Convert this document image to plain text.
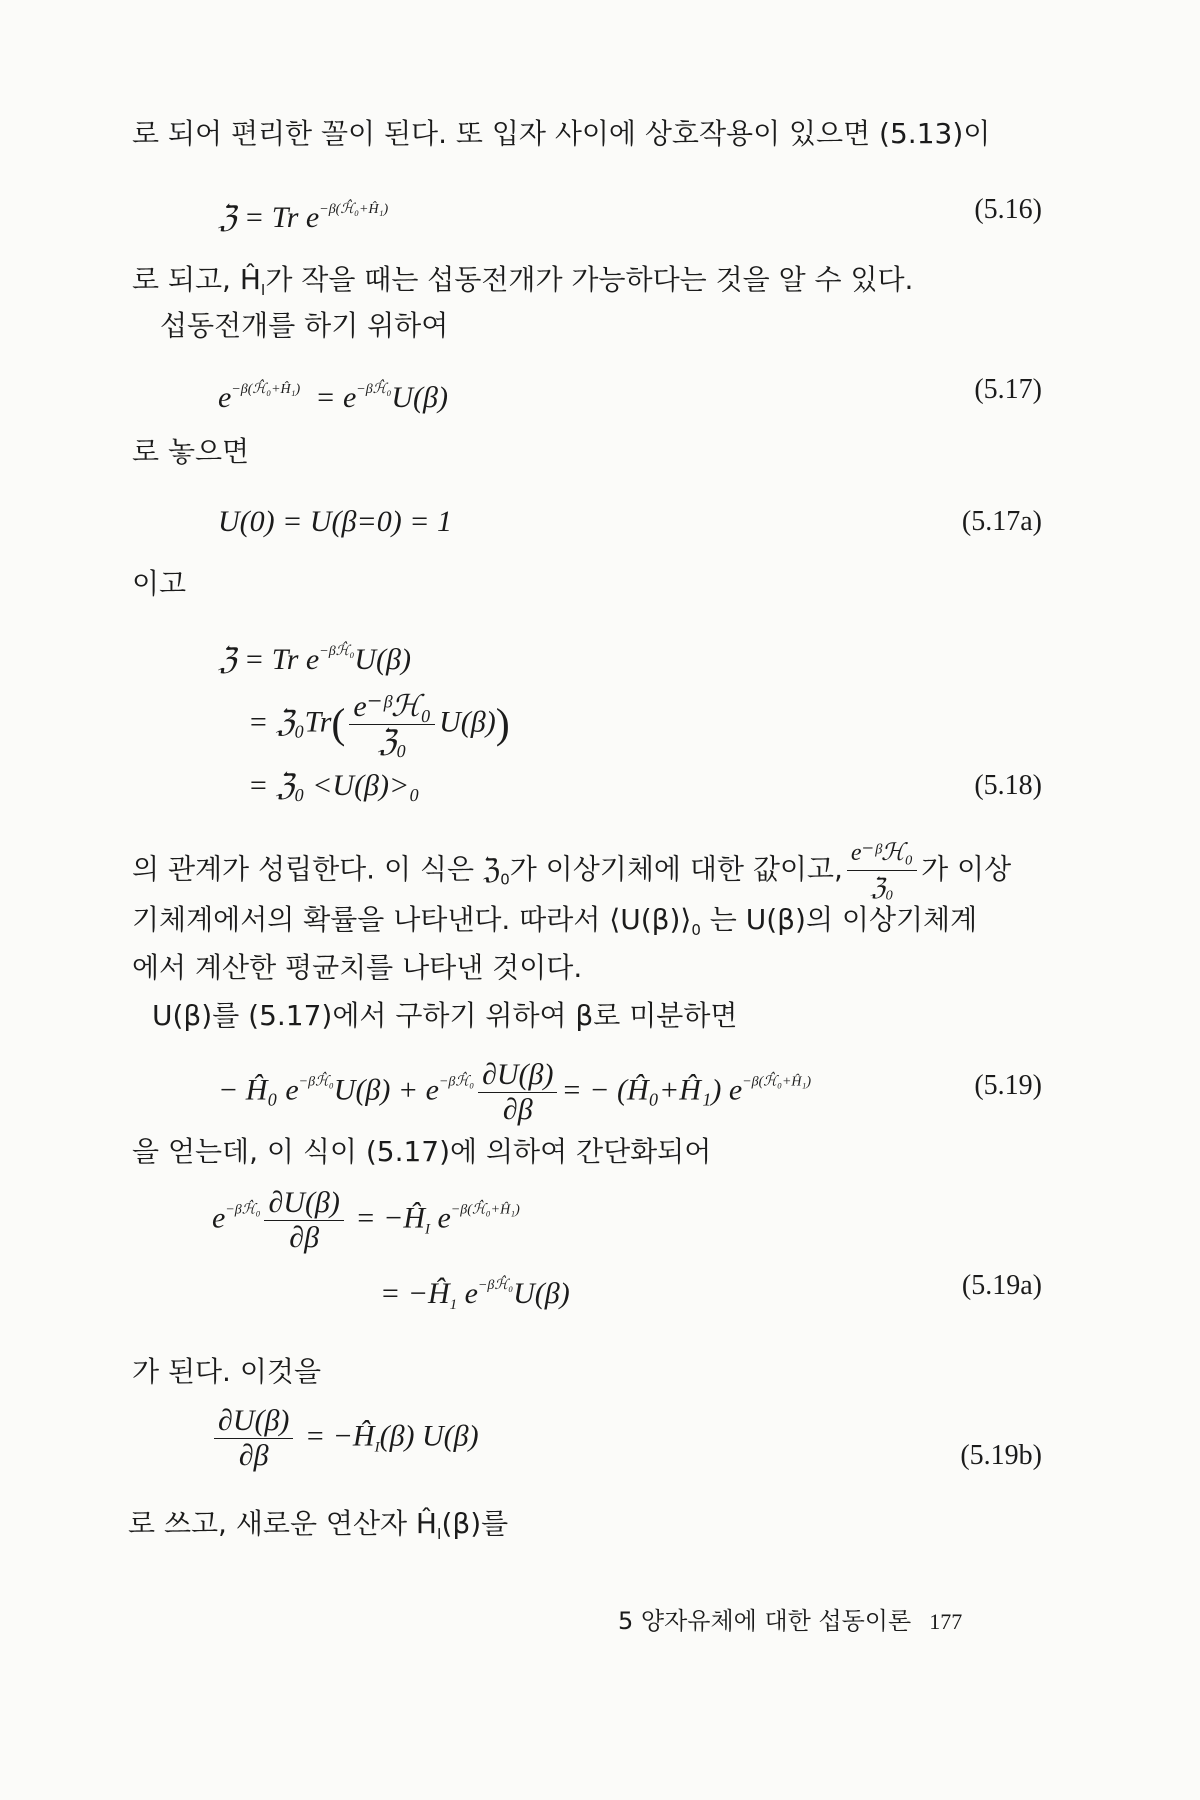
로 되어 편리한 꼴이 된다. 또 입자 사이에 상호작용이 있으면 (5.13)이
ℨ = Tr $e^{-\beta(ℋ̂_0+Ĥ_1)}$	(5.16)
로 되고, $Ĥ_I$가 작을 때는 섭동전개가 가능하다는 것을 알 수 있다.
섭동전개를 하기 위하여
$e^{-\beta(ℋ̂_0+Ĥ_1)} = e^{-\beta ℋ̂_0}U(\beta)$	(5.17)
로 놓으면
U(0) = U(β=0) = 1	(5.17a)
이고
ℨ = Tr $e^{-\beta ℋ̂_0}U(\beta)$
= ℨ₀Tr( $\frac{\text{e⁻ᵝℋ₀}}{\text{ℨ₀}} U(\beta)$)
= ℨ₀ <U(β)>₀	(5.18)
의 관계가 성립한다. 이 식은 ℨ$_0$가 이상기체에 대한 값이고, $\frac{\text{e⁻ᵝℋ₀}}{\text{ℨ₀}}$ 가 이상
기체계에서의 확률을 나타낸다. 따라서 $⟨U(\beta)⟩_0$ 는 U(β)의 이상기체계
에서 계산한 평균치를 나타낸 것이다.
U(β)를 (5.17)에서 구하기 위하여 β로 미분하면
− Ĥ₀ $e^{-\beta ℋ̂_0}U(\beta) + e^{-\beta ℋ̂_0} \frac{\partial U(\beta)}{\partial\beta}$ = − (Ĥ₀+Ĥ₁) $e^{-\beta(ℋ̂_0+Ĥ_1)}$	(5.19)
을 얻는데, 이 식이 (5.17)에 의하여 간단화되어
$e^{-\beta ℋ̂_0} \frac{\partial U(\beta)}{\partial\beta}$ = $-Ĥ_I$ $e^{-\beta(ℋ̂_0+Ĥ_1)}$
= $-Ĥ_1$ $e^{-\beta ℋ̂_0}U(\beta)$	(5.19a)
가 된다. 이것을
$\frac{\partial U(\beta)}{\partial\beta}$ = $-Ĥ_I(\beta)$ U(β)
(5.19b)
로 쓰고, 새로운 연산자 $Ĥ_I(\beta)$를
5 양자유체에 대한 섭동이론 177
